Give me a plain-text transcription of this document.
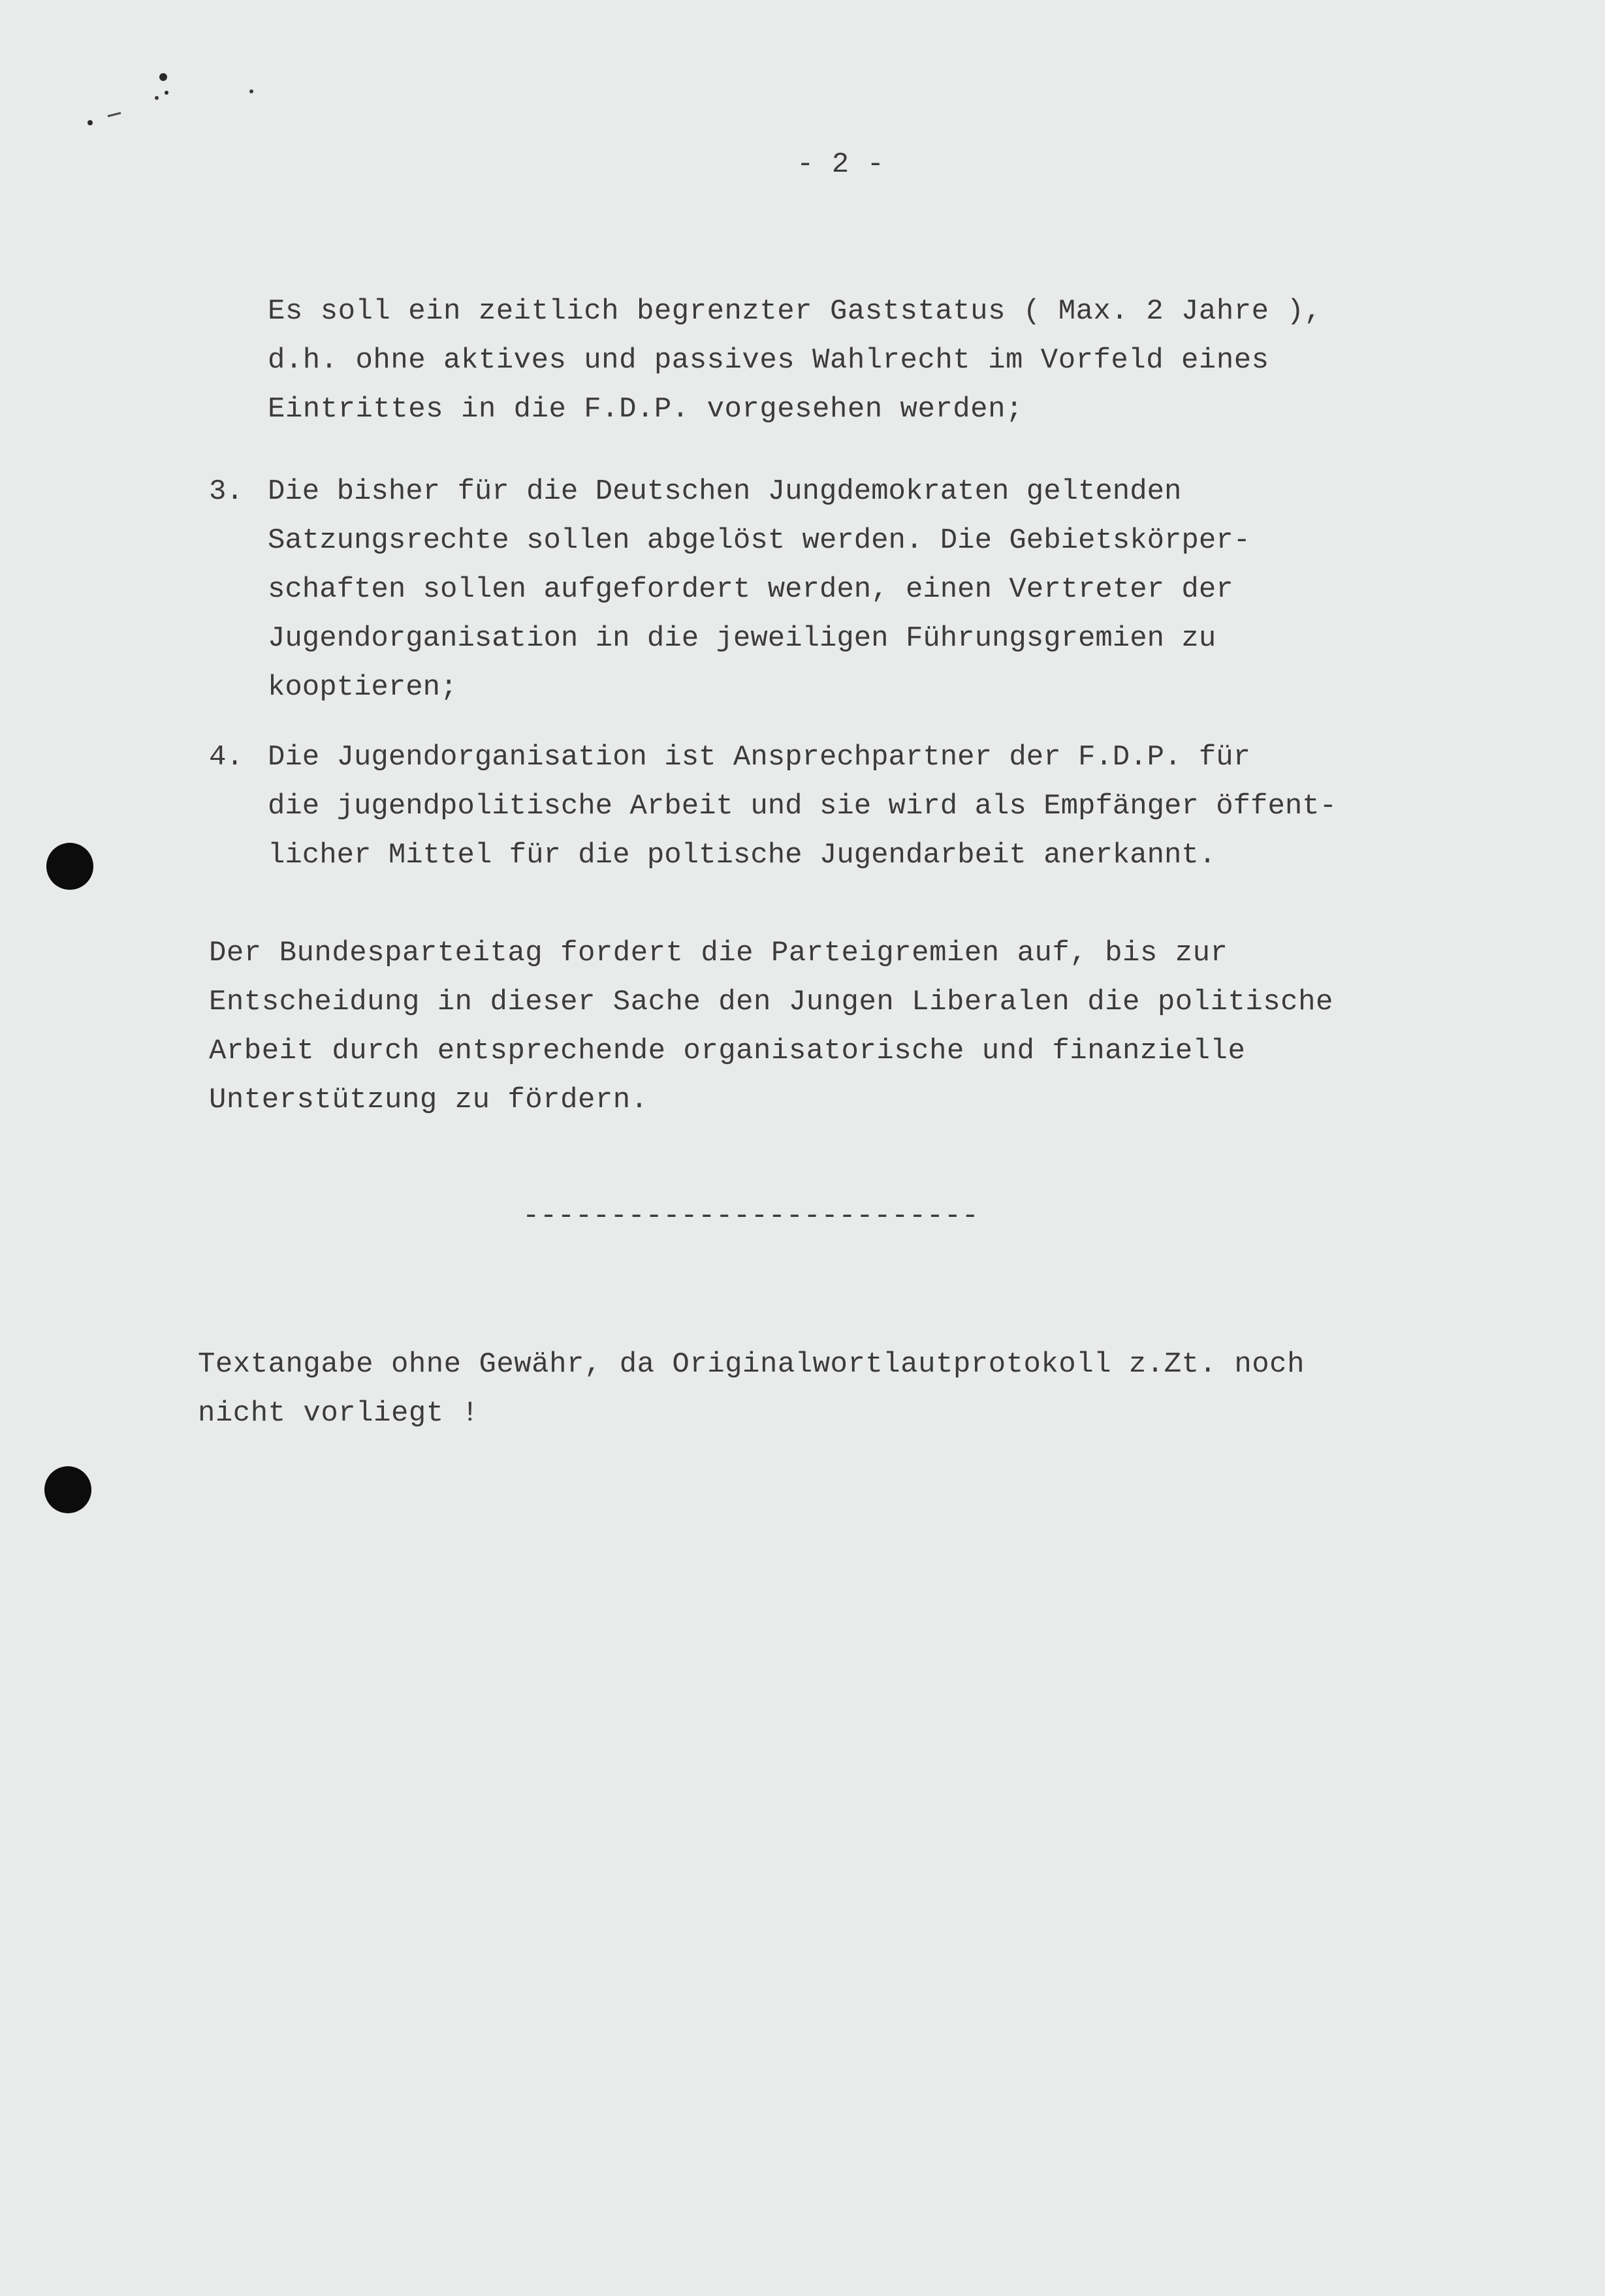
- 2 -
Es soll ein zeitlich begrenzter Gaststatus ( Max. 2 Jahre ),
d.h. ohne aktives und passives Wahlrecht im Vorfeld eines
Eintrittes in die F.D.P. vorgesehen werden;
3. Die bisher für die Deutschen Jungdemokraten geltenden
Satzungsrechte sollen abgelöst werden. Die Gebietskörper-
schaften sollen aufgefordert werden, einen Vertreter der
Jugendorganisation in die jeweiligen Führungsgremien zu
kooptieren;
4. Die Jugendorganisation ist Ansprechpartner der F.D.P. für
die jugendpolitische Arbeit und sie wird als Empfänger öffent-
licher Mittel für die poltische Jugendarbeit anerkannt.
Der Bundesparteitag fordert die Parteigremien auf, bis zur
Entscheidung in dieser Sache den Jungen Liberalen die politische
Arbeit durch entsprechende organisatorische und finanzielle
Unterstützung zu fördern.
--------------------------
Textangabe ohne Gewähr, da Originalwortlautprotokoll z.Zt. noch
nicht vorliegt !
